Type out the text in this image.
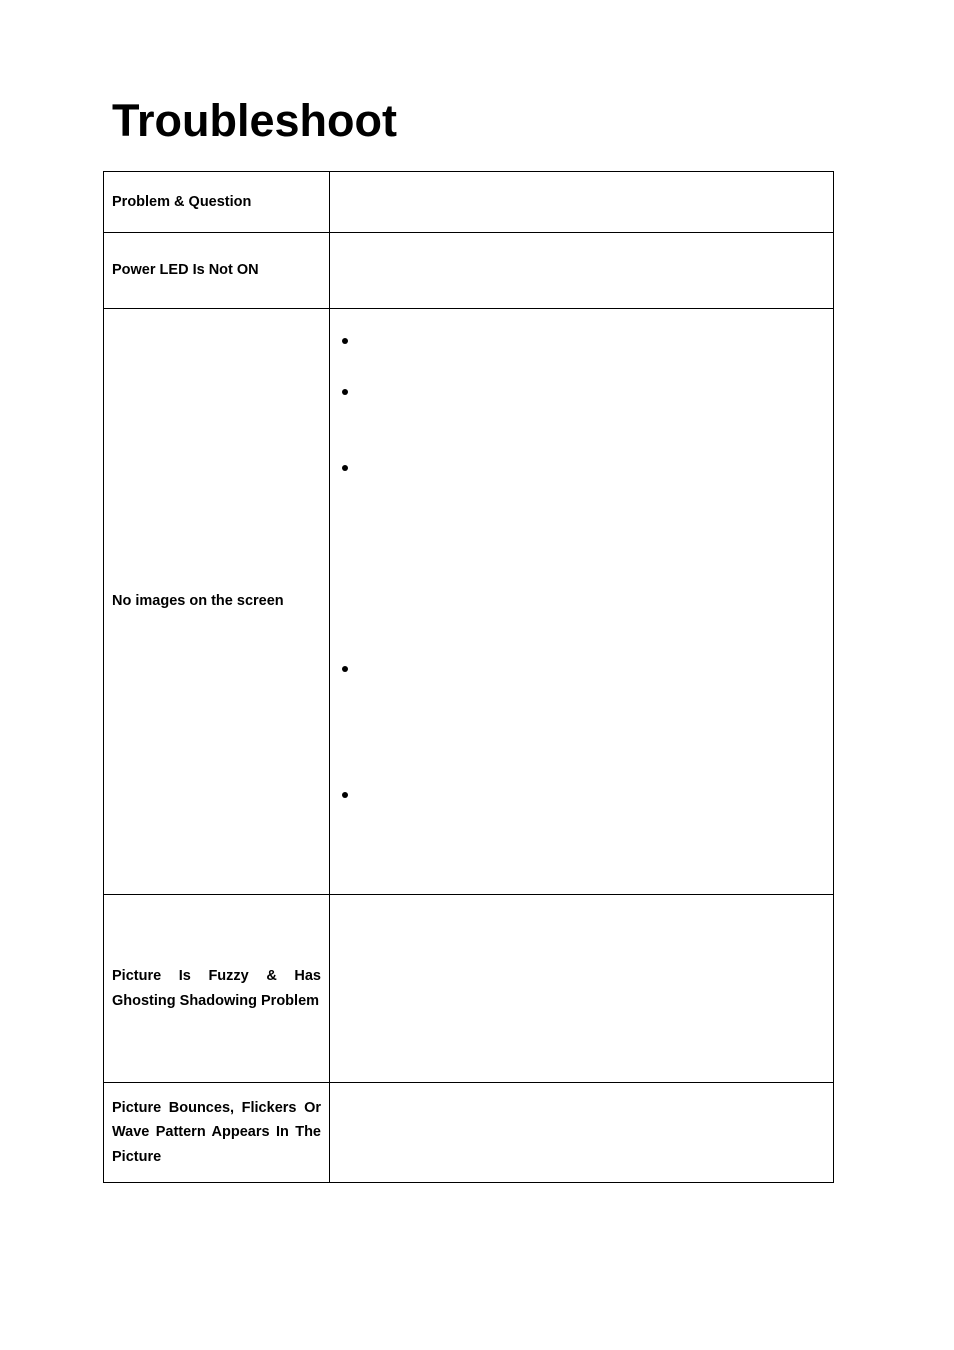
Troubleshoot
Problem & Question	
Power LED Is Not ON	
No images on the screen	

Picture Is Fuzzy & Has Ghosting Shadowing Problem	

Picture Bounces, Flickers Or Wave Pattern Appears In The Picture	
